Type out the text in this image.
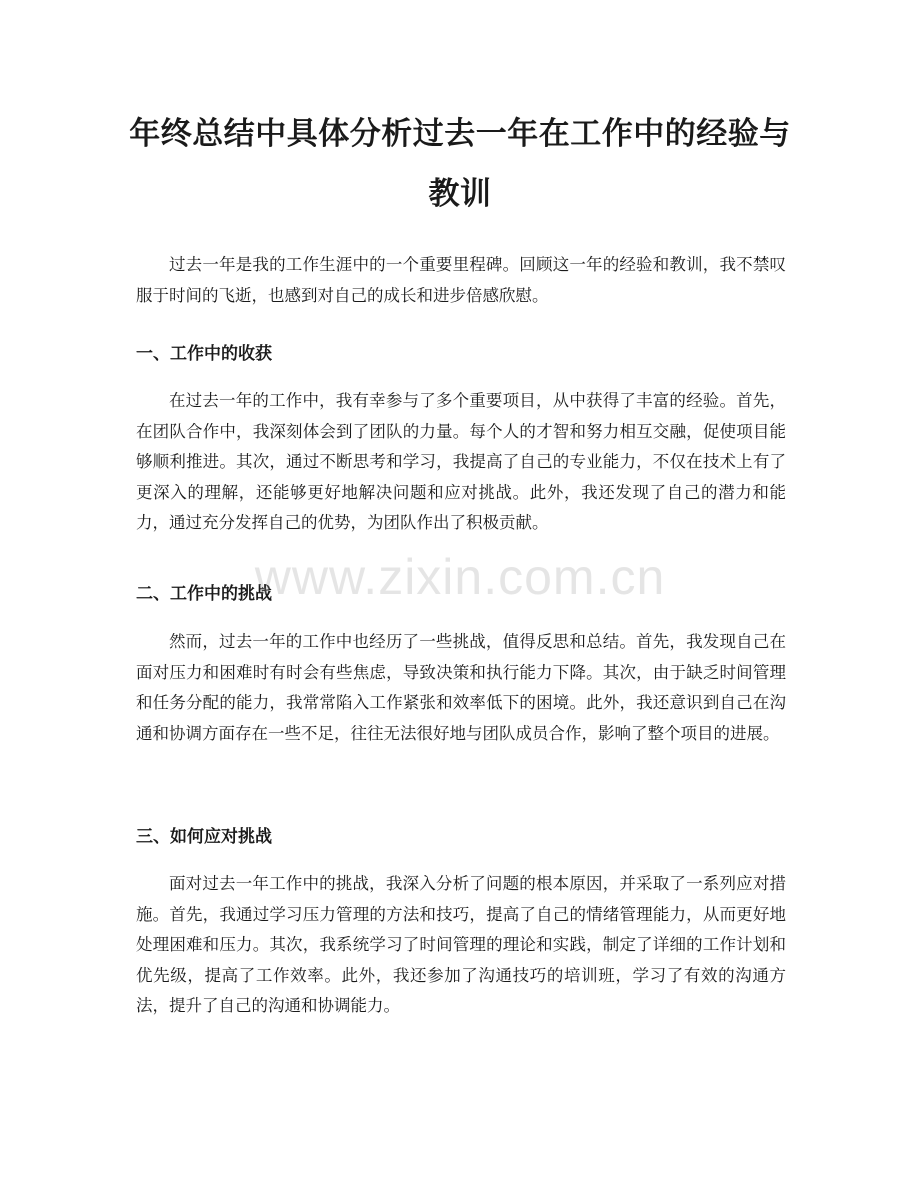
年终总结中具体分析过去一年在工作中的经验与教训

过去一年是我的工作生涯中的一个重要里程碑。回顾这一年的经验和教训，我不禁叹服于时间的飞逝，也感到对自己的成长和进步倍感欣慰。

一、工作中的收获

在过去一年的工作中，我有幸参与了多个重要项目，从中获得了丰富的经验。首先，在团队合作中，我深刻体会到了团队的力量。每个人的才智和努力相互交融，促使项目能够顺利推进。其次，通过不断思考和学习，我提高了自己的专业能力，不仅在技术上有了更深入的理解，还能够更好地解决问题和应对挑战。此外，我还发现了自己的潜力和能力，通过充分发挥自己的优势，为团队作出了积极贡献。

二、工作中的挑战

然而，过去一年的工作中也经历了一些挑战，值得反思和总结。首先，我发现自己在面对压力和困难时有时会有些焦虑，导致决策和执行能力下降。其次，由于缺乏时间管理和任务分配的能力，我常常陷入工作紧张和效率低下的困境。此外，我还意识到自己在沟通和协调方面存在一些不足，往往无法很好地与团队成员合作，影响了整个项目的进展。

三、如何应对挑战

面对过去一年工作中的挑战，我深入分析了问题的根本原因，并采取了一系列应对措施。首先，我通过学习压力管理的方法和技巧，提高了自己的情绪管理能力，从而更好地处理困难和压力。其次，我系统学习了时间管理的理论和实践，制定了详细的工作计划和优先级，提高了工作效率。此外，我还参加了沟通技巧的培训班，学习了有效的沟通方法，提升了自己的沟通和协调能力。

www.zixin.com.cn
